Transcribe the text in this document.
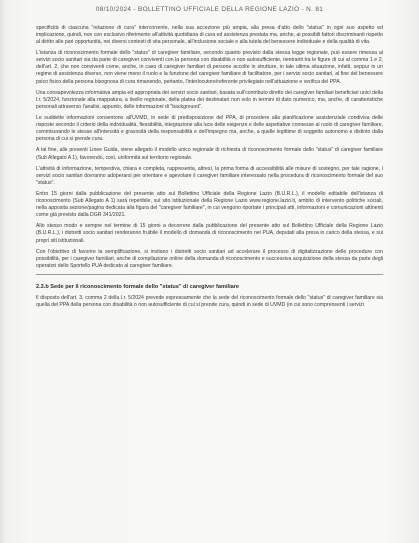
08/10/2024 - BOLLETTINO UFFICIALE DELLA REGIONE LAZIO - N. 81

specificità di ciascuna "relazione di cura" intercorrente, nella sua accezione più ampia, alla presa d'atto dello "status" in ogni suo aspetto ed implicazione, quindi, non con esclusivo riferimento all'attività quotidiana di cura ed assistenza prestata ma, anche, ai possibili fattori discriminanti rispetto al diritto alle pari opportunità, nei diversi contesti di vita personale, all'inclusione sociale e alla tutela del benessere individuale e della qualità di vita.

L'istanza di riconoscimento formale dello "status" di caregiver familiare, secondo quanto previsto dalla stessa legge regionale, può essere rimessa ai servizi socio sanitari sia da parte di caregiver conviventi con la persona con disabilità o non autosufficiente, rientranti tra le figure di cui al comma 1 e 2, dell'art. 2, che non conviventi come, anche, in caso di caregiver familiari di persone accolte in strutture, in tale ultima situazione, infatti, seppur in un regime di assistenza diverso, non viene meno il ruolo e la funzione del caregiver familiare di facilitatore, per i servizi socio sanitari, al fine del benessere psico fisico della persona bisognosa di cura rimanendo, pertanto, l'interlocutore/referente privilegiato nell'attuazione e verifica del PPA.

Una consapevolezza informativa ampia ed appropriata dei servizi socio sanitari, basata sull'contributo diretto dei caregiver familiari beneficiari unici della l.r. 5/2024, funzionale alla mappatura, a livello regionale, della platea dei destinatari non solo in termini di dato numerico, ma, anche, di caratteristiche personali attraverso l'analisi, appunto, delle informazioni di "background".

Le suddette informazioni consentono all'UVMD, in sede di predisposizione del PPA, di procedere alla pianificazione assistenziale condivisa delle risposte secondo il criterio della individualità, flessibilità, integrazione alla luce delle esigenze e delle aspettative connesse al ruolo di caregiver familiare, commisurando le stesse all'intensità e gravosità della responsabilità e dell'impegno ma, anche, a quelle legittime di soggetto autonomo e distinto dalla persona di cui si prende cura.

A tal fine, alle presenti Linee Guida, viene allegato il modello unico regionale di richiesta di riconoscimento formale dello "status" di caregiver familiare (Sub Allegato A 1), favorendo, così, uniformità sul territorio regionale.

L'attività di informazione, tempestiva, chiara e completa, rappresenta, altresì, la prima forma di accessibilità alle misure di sostegno, per tale ragione, i servizi socio sanitari dovranno adoperarsi per orientare e agevolare il caregiver familiare interessato nella procedura di riconoscimento formale del suo "status".

Entro 15 giorni dalla pubblicazione del presente atto sul Bollettino Ufficiale della Regione Lazio (B.U.R.L.), il modello editabile dell'istanza di riconoscimento (Sub Allegato A 1) sarà reperibile, sul sito istituzionale della Regione Lazio www.regione.lazio.it, ambito di intervento politiche sociali, nella apposita sezione/pagina dedicata alla figura del "caregiver familiare", in cui vengono riportate i principali atti, informazioni e comunicazioni attinenti come già previsto dalla DGR 341/2021.

Allo stesso modo e sempre nel termine di 15 giorni a decorrere dalla pubblicazione del presente atto sul Bollettino Ufficiale della Regione Lazio (B.U.R.L.), i distretti socio sanitari renderanno fruibile il modello di domanda di riconoscimento nei PUA, deputati alla presa in carico della stessa, e sui propri siti istituzionali.

Con l'obiettivo di favorire la semplificazione, si invitano i distretti socio sanitari ad accelerare il processo di digitalizzazione delle procedure con possibilità, per i caregiver familiari, anche di compilazione online della domanda di riconoscimento e successiva acquisizione della stessa da parte degli operatori dello Sportello PUA dedicato al caregiver familiare.

2.3.b Sede per il riconoscimento formale dello "status" di caregiver familiare

Il disposto dell'art. 3, comma 2 della l.r. 5/2024 prevede espressamente che la sede del riconoscimento formale dello "status" di caregiver familiare sia quella del PPA della persona con disabilità o non autosufficiente di cui si prende cura, quindi in sede di UVMD (in cui sono comprensenti i servizi
